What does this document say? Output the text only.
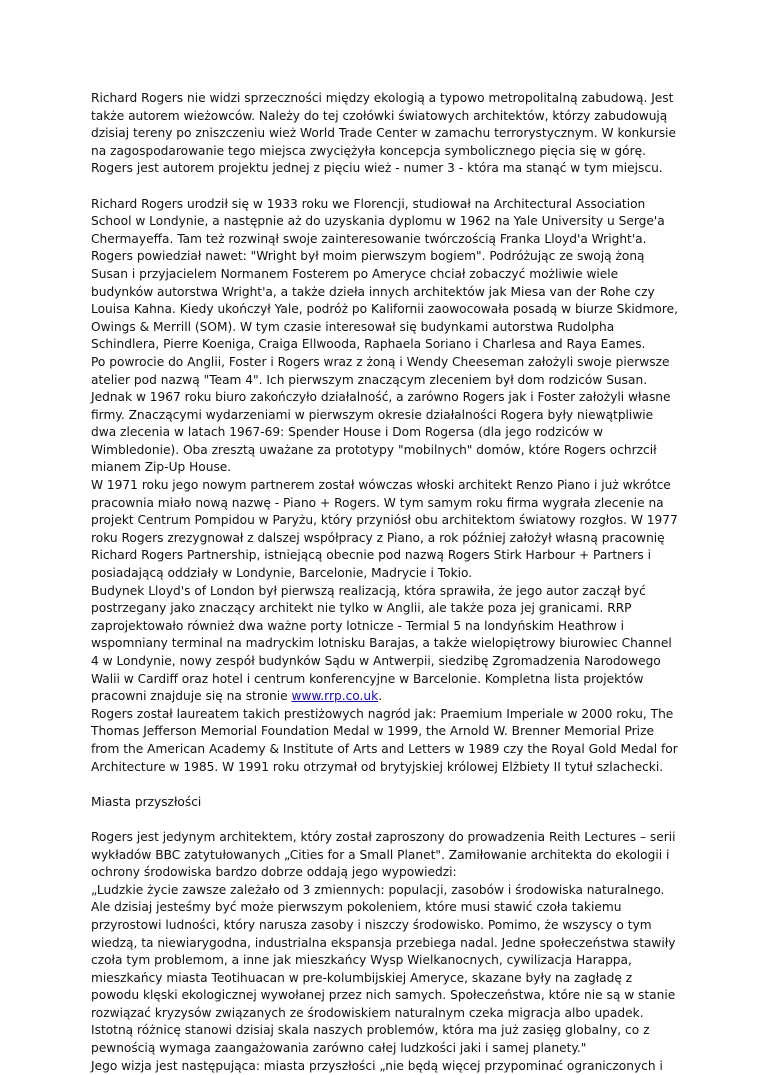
Richard Rogers nie widzi sprzeczności między ekologią a typowo metropolitalną zabudową. Jest także autorem wieżowców. Należy do tej czołówki światowych architektów, którzy zabudowują dzisiaj tereny po zniszczeniu wież World Trade Center w zamachu terrorystycznym. W konkursie na zagospodarowanie tego miejsca zwyciężyła koncepcja symbolicznego pięcia się w górę. Rogers jest autorem projektu jednej z pięciu wież - numer 3 - która ma stanąć w tym miejscu.

Richard Rogers urodził się w 1933 roku we Florencji, studiował na Architectural Association School w Londynie, a następnie aż do uzyskania dyplomu w 1962 na Yale University u Serge'a Chermayeffa. Tam też rozwinął swoje zainteresowanie twórczością Franka Lloyd'a Wright'a. Rogers powiedział nawet: "Wright był moim pierwszym bogiem". Podróżując ze swoją żoną Susan i przyjacielem Normanem Fosterem po Ameryce chciał zobaczyć możliwie wiele budynków autorstwa Wright'a, a także dzieła innych architektów jak Miesa van der Rohe czy Louisa Kahna. Kiedy ukończył Yale, podróż po Kalifornii zaowocowała posadą w biurze Skidmore, Owings & Merrill (SOM). W tym czasie interesował się budynkami autorstwa Rudolpha Schindlera, Pierre Koeniga, Craiga Ellwooda, Raphaela Soriano i Charlesa and Raya Eames.

Po powrocie do Anglii, Foster i Rogers wraz z żoną i Wendy Cheeseman założyli swoje pierwsze atelier pod nazwą "Team 4". Ich pierwszym znaczącym zleceniem był dom rodziców Susan. Jednak w 1967 roku biuro zakończyło działalność, a zarówno Rogers jak i Foster założyli własne firmy. Znaczącymi wydarzeniami w pierwszym okresie działalności Rogera były niewątpliwie dwa zlecenia w latach 1967-69: Spender House i Dom Rogersa (dla jego rodziców w Wimbledonie). Oba zresztą uważane za prototypy "mobilnych" domów, które Rogers ochrzcił mianem Zip-Up House.

W 1971 roku jego nowym partnerem został wówczas włoski architekt Renzo Piano i już wkrótce pracownia miało nową nazwę - Piano + Rogers. W tym samym roku firma wygrała zlecenie na projekt Centrum Pompidou w Paryżu, który przyniósł obu architektom światowy rozgłos. W 1977 roku Rogers zrezygnował z dalszej współpracy z Piano, a rok później założył własną pracownię Richard Rogers Partnership, istniejącą obecnie pod nazwą Rogers Stirk Harbour + Partners i posiadającą oddziały w Londynie, Barcelonie, Madrycie i Tokio.

Budynek Lloyd's of London był pierwszą realizacją, która sprawiła, że jego autor zaczął być postrzegany jako znaczący architekt nie tylko w Anglii, ale także poza jej granicami. RRP zaprojektowało również dwa ważne porty lotnicze - Termial 5 na londyńskim Heathrow i wspomniany terminal na madryckim lotnisku Barajas, a także wielopiętrowy biurowiec Channel 4 w Londynie, nowy zespół budynków Sądu w Antwerpii, siedzibę Zgromadzenia Narodowego Walii w Cardiff oraz hotel i centrum konferencyjne w Barcelonie. Kompletna lista projektów pracowni znajduje się na stronie www.rrp.co.uk.

Rogers został laureatem takich prestiżowych nagród jak: Praemium Imperiale w 2000 roku, The Thomas Jefferson Memorial Foundation Medal w 1999, the Arnold W. Brenner Memorial Prize from the American Academy & Institute of Arts and Letters w 1989 czy the Royal Gold Medal for Architecture w 1985. W 1991 roku otrzymał od brytyjskiej królowej Elżbiety II tytuł szlachecki.

Miasta przyszłości

Rogers jest jedynym architektem, który został zaproszony do prowadzenia Reith Lectures – serii wykładów BBC zatytułowanych „Cities for a Small Planet". Zamiłowanie architekta do ekologii i ochrony środowiska bardzo dobrze oddają jego wypowiedzi:

„Ludzkie życie zawsze zależało od 3 zmiennych: populacji, zasobów i środowiska naturalnego. Ale dzisiaj jesteśmy być może pierwszym pokoleniem, które musi stawić czoła takiemu przyrostowi ludności, który narusza zasoby i niszczy środowisko. Pomimo, że wszyscy o tym wiedzą, ta niewiarygodna, industrialna ekspansja przebiega nadal. Jedne społeczeństwa stawiły czoła tym problemom, a inne jak mieszkańcy Wysp Wielkanocnych, cywilizacja Harappa, mieszkańcy miasta Teotihuacan w pre-kolumbijskiej Ameryce, skazane były na zagładę z powodu klęski ekologicznej wywołanej przez nich samych. Społeczeństwa, które nie są w stanie rozwiązać kryzysów związanych ze środowiskiem naturalnym czeka migracja albo upadek. Istotną różnicę stanowi dzisiaj skala naszych problemów, która ma już zasięg globalny, co z pewnością wymaga zaangażowania zarówno całej ludzkości jaki i samej planety."

Jego wizja jest następująca: miasta przyszłości „nie będą więcej przypominać ograniczonych i
